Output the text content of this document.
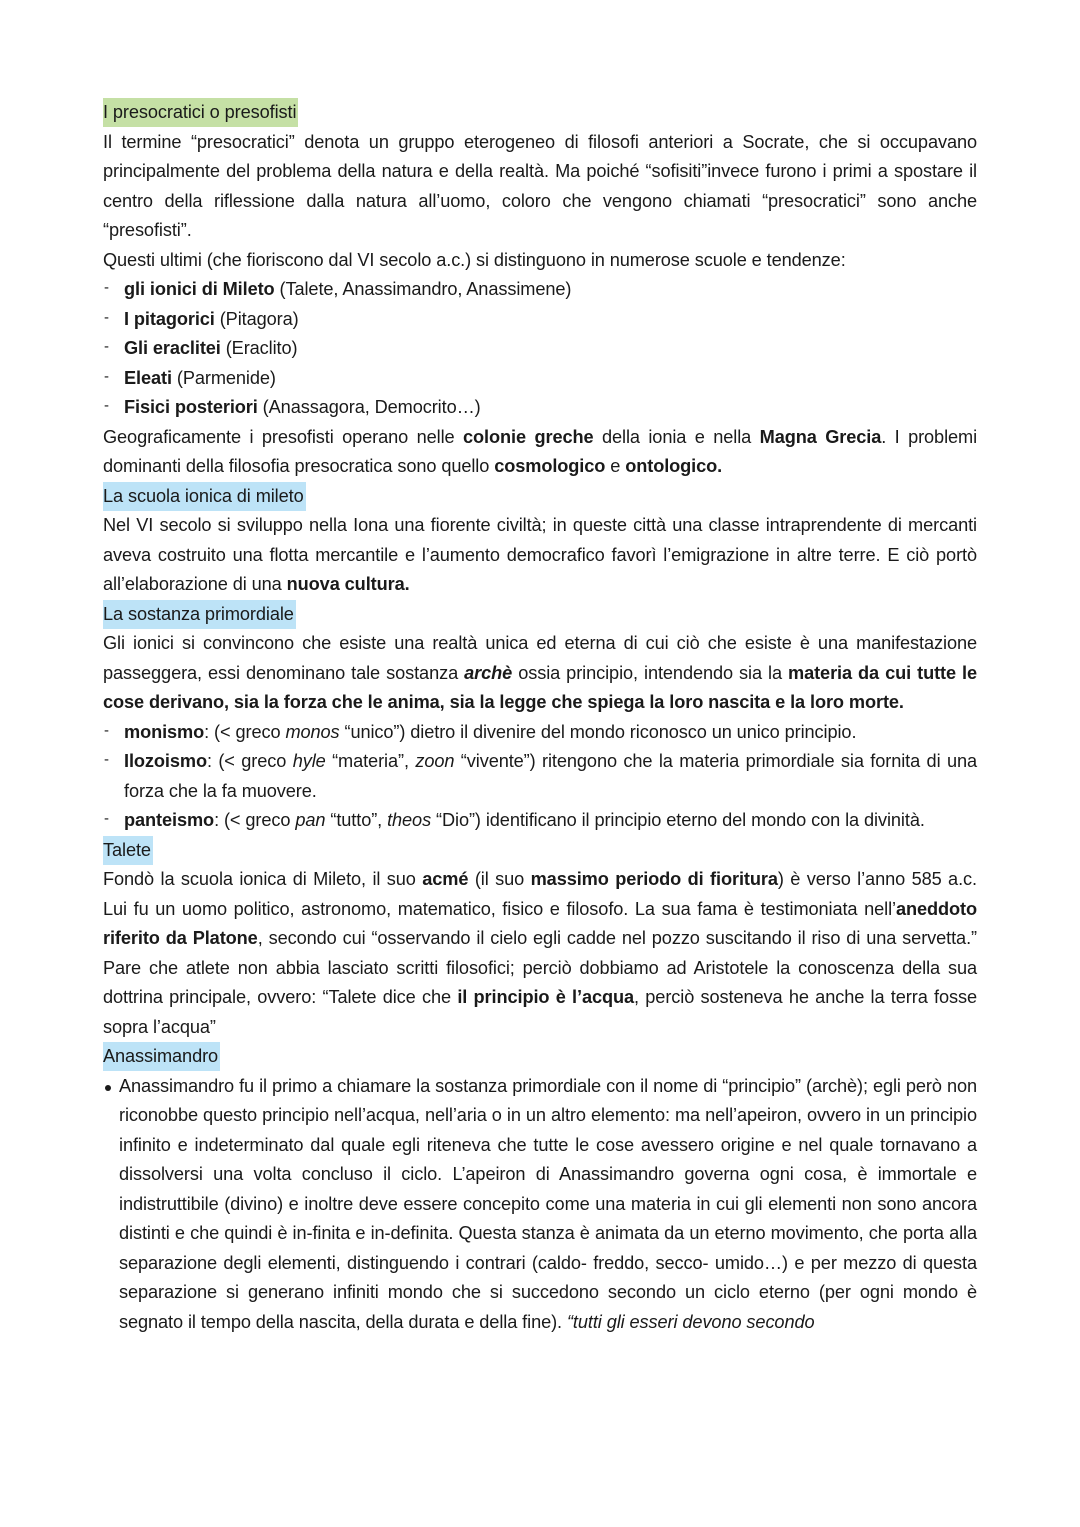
I presocratici o presofisti
Il termine “presocratici” denota un gruppo eterogeneo di filosofi anteriori a Socrate, che si occupavano principalmente del problema della natura e della realtà. Ma poiché “sofisiti”invece furono i primi a spostare il centro della riflessione dalla natura all’uomo, coloro che vengono chiamati “presocratici” sono anche “presofisti”.
Questi ultimi (che fioriscono dal VI secolo a.c.) si distinguono in numerose scuole e tendenze:
- gli ionici di Mileto (Talete, Anassimandro, Anassimene)
- I pitagorici (Pitagora)
- Gli eraclitei (Eraclito)
- Eleati (Parmenide)
- Fisici posteriori (Anassagora, Democrito…)
Geograficamente i presofisti operano nelle colonie greche della ionia e nella Magna Grecia. I problemi dominanti della filosofia presocratica sono quello cosmologico e ontologico.
La scuola ionica di mileto
Nel VI secolo si sviluppo nella Iona una fiorente civiltà; in queste città una classe intraprendente di mercanti aveva costruito una flotta mercantile e l’aumento democrafico favorì l’emigrazione in altre terre. E ciò portò all’elaborazione di una nuova cultura.
La sostanza primordiale
Gli ionici si convincono che esiste una realtà unica ed eterna di cui ciò che esiste è una manifestazione passeggera, essi denominano tale sostanza archè ossia principio, intendendo sia la materia da cui tutte le cose derivano, sia la forza che le anima, sia la legge che spiega la loro nascita e la loro morte.
- monismo: (< greco monos “unico”) dietro il divenire del mondo riconosco un unico principio.
- Ilozoismo: (< greco hyle “materia”, zoon “vivente”) ritengono che la materia primordiale sia fornita di una forza che la fa muovere.
- panteismo: (< greco pan “tutto”, theos “Dio”) identificano il principio eterno del mondo con la divinità.
Talete
Fondò la scuola ionica di Mileto, il suo acmé (il suo massimo periodo di fioritura) è verso l’anno 585 a.c. Lui fu un uomo politico, astronomo, matematico, fisico e filosofo. La sua fama è testimoniata nell’aneddoto riferito da Platone, secondo cui “osservando il cielo egli cadde nel pozzo suscitando il riso di una servetta.” Pare che atlete non abbia lasciato scritti filosofici; perciò dobbiamo ad Aristotele la conoscenza della sua dottrina principale, ovvero: “Talete dice che il principio è l’acqua, perciò sosteneva he anche la terra fosse sopra l’acqua”
Anassimandro
Anassimandro fu il primo a chiamare la sostanza primordiale con il nome di “principio” (archè); egli però non riconobbe questo principio nell’acqua, nell’aria o in un altro elemento: ma nell’apeiron, ovvero in un principio infinito e indeterminato dal quale egli riteneva che tutte le cose avessero origine e nel quale tornavano a dissolversi una volta concluso il ciclo. L’apeiron di Anassimandro governa ogni cosa, è immortale e indistruttibile (divino) e inoltre deve essere concepito come una materia in cui gli elementi non sono ancora distinti e che quindi è in-finita e in-definita. Questa stanza è animata da un eterno movimento, che porta alla separazione degli elementi, distinguendo i contrari (caldo- freddo, secco- umido…) e per mezzo di questa separazione si generano infiniti mondo che si succedono secondo un ciclo eterno (per ogni mondo è segnato il tempo della nascita, della durata e della fine). “tutti gli esseri devono secondo
